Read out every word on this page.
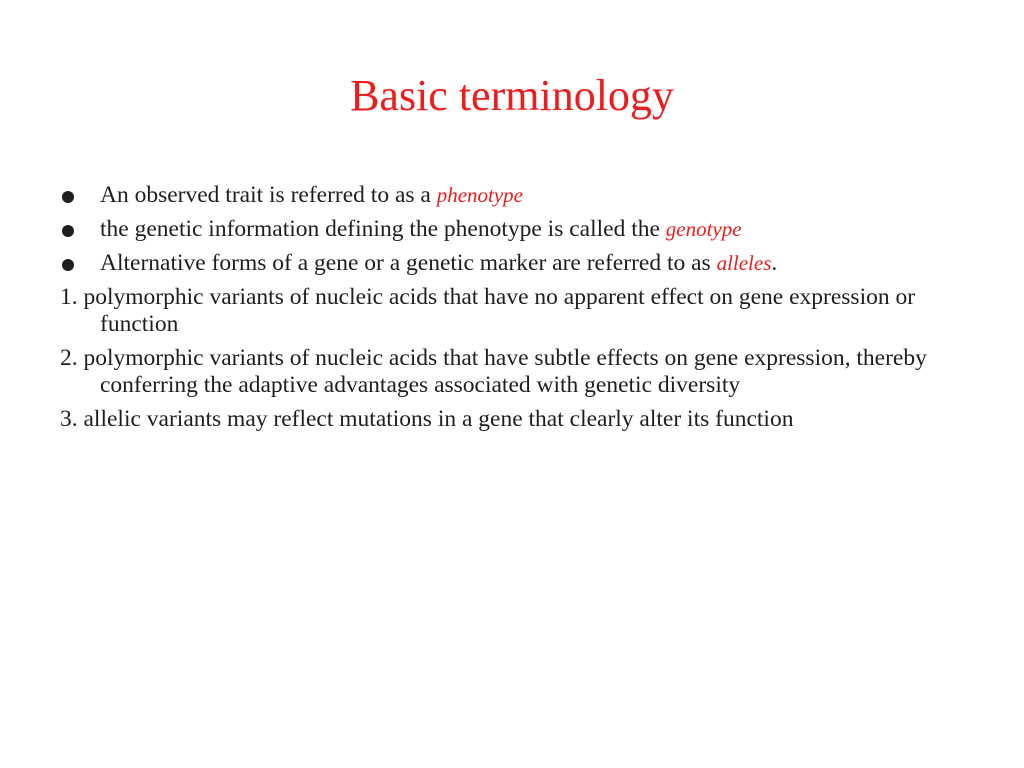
Basic terminology
An observed trait is referred to as a phenotype
the genetic information defining the phenotype is called the genotype
Alternative forms of a gene or a genetic marker are referred to as alleles.
1. polymorphic variants of nucleic acids that have no apparent effect on gene expression or function
2. polymorphic variants of nucleic acids that have subtle effects on gene expression, thereby conferring the adaptive advantages associated with genetic diversity
3. allelic variants may reflect mutations in a gene that clearly alter its function
